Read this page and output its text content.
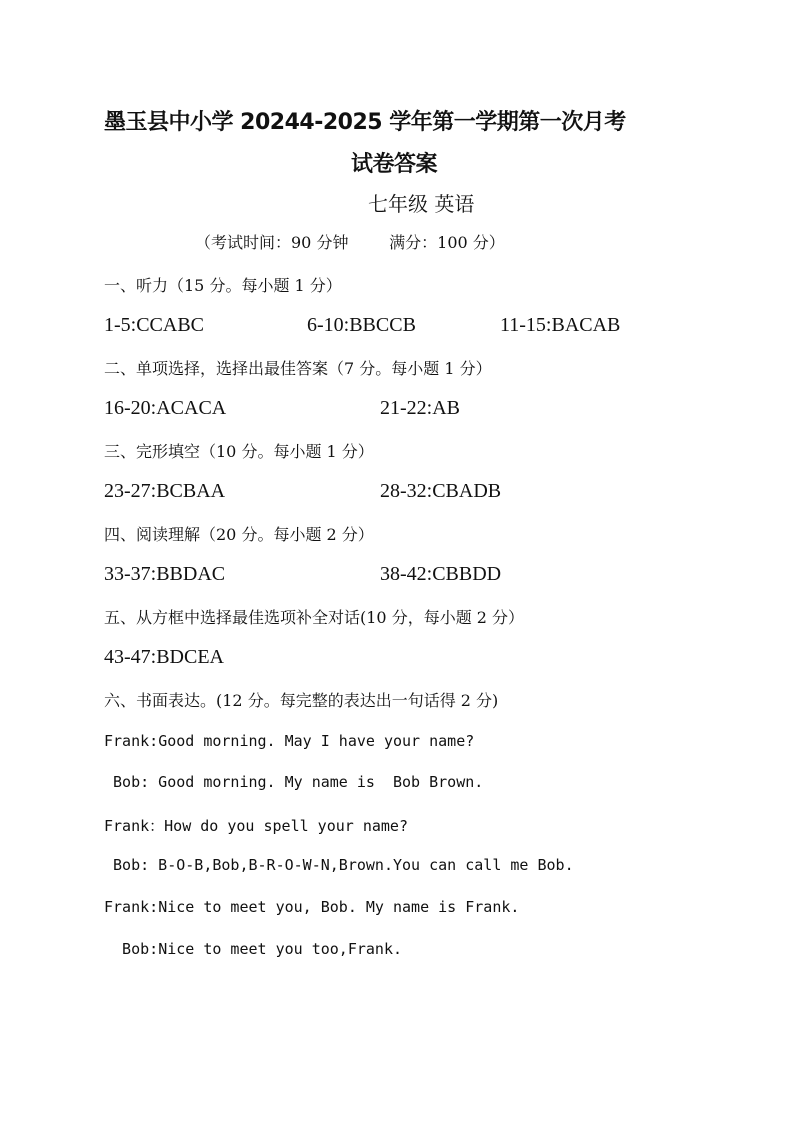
墨玉县中小学 20244-2025 学年第一学期第一次月考
试卷答案
七年级 英语
（考试时间：90 分钟        满分：100 分）
一、听力（15 分。每小题 1 分）
1-5:CCABC	6-10:BBCCB	11-15:BACAB
二、单项选择，选择出最佳答案（7 分。每小题 1 分）
16-20:ACACA	21-22:AB
三、完形填空（10 分。每小题 1 分）
23-27:BCBAA	28-32:CBADB
四、阅读理解（20 分。每小题 2 分）
33-37:BBDAC	38-42:CBBDD
五、从方框中选择最佳选项补全对话(10 分，每小题 2 分）
43-47:BDCEA
六、书面表达。(12 分。每完整的表达出一句话得 2 分)
Frank:Good morning. May I have your name?
Bob: Good morning. My name is  Bob Brown.
Frank：How do you spell your name?
Bob: B-O-B,Bob,B-R-O-W-N,Brown.You can call me Bob.
Frank:Nice to meet you, Bob. My name is Frank.
Bob:Nice to meet you too,Frank.
